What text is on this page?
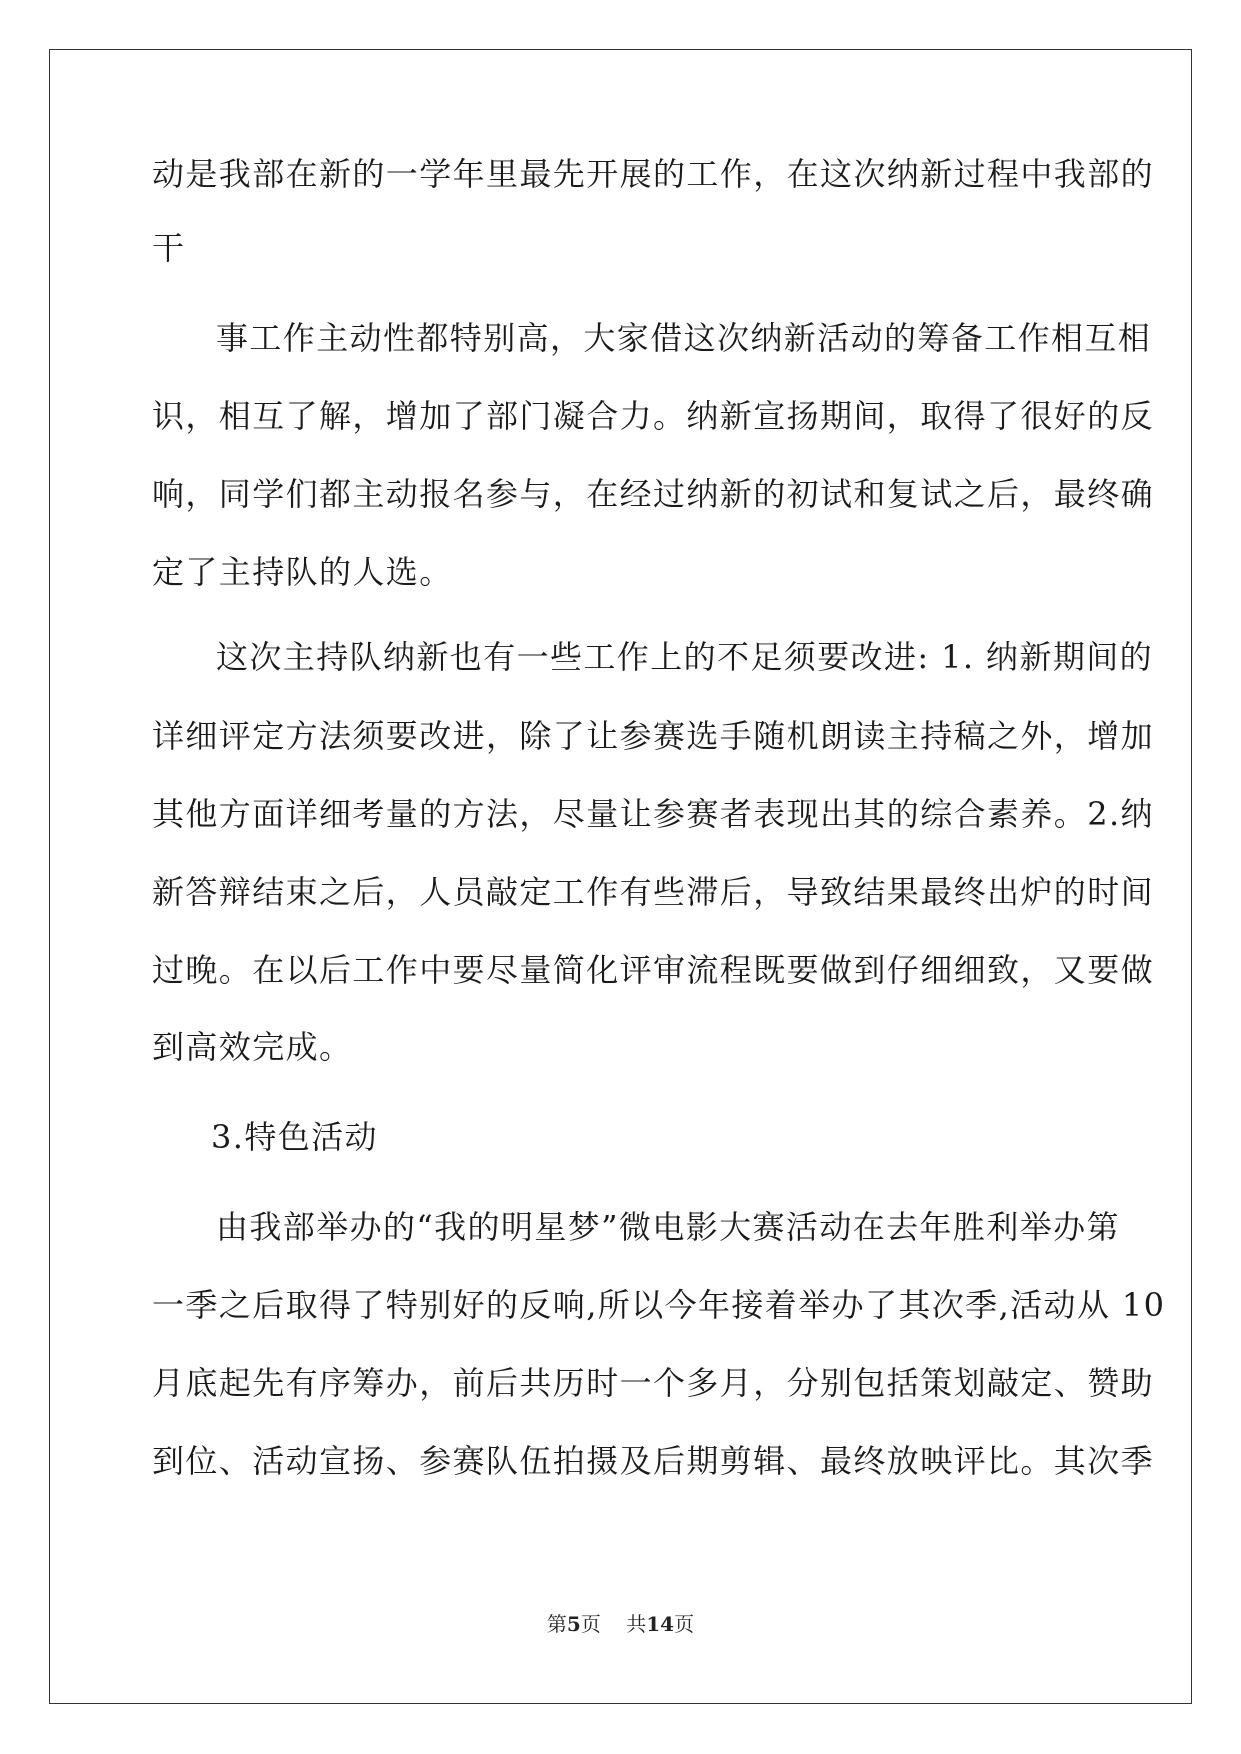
动是我部在新的一学年里最先开展的工作，在这次纳新过程中我部的
干
事工作主动性都特别高，大家借这次纳新活动的筹备工作相互相
识，相互了解，增加了部门凝合力。纳新宣扬期间，取得了很好的反
响，同学们都主动报名参与，在经过纳新的初试和复试之后，最终确
定了主持队的人选。
这次主持队纳新也有一些工作上的不足须要改进: 1. 纳新期间的
详细评定方法须要改进，除了让参赛选手随机朗读主持稿之外，增加
其他方面详细考量的方法，尽量让参赛者表现出其的综合素养。2.纳
新答辩结束之后，人员敲定工作有些滞后，导致结果最终出炉的时间
过晚。在以后工作中要尽量简化评审流程既要做到仔细细致，又要做
到高效完成。
3.特色活动
由我部举办的“我的明星梦”微电影大赛活动在去年胜利举办第
一季之后取得了特别好的反响,所以今年接着举办了其次季,活动从 10
月底起先有序筹办，前后共历时一个多月，分别包括策划敲定、赞助
到位、活动宣扬、参赛队伍拍摄及后期剪辑、最终放映评比。其次季
第5页 共14页
